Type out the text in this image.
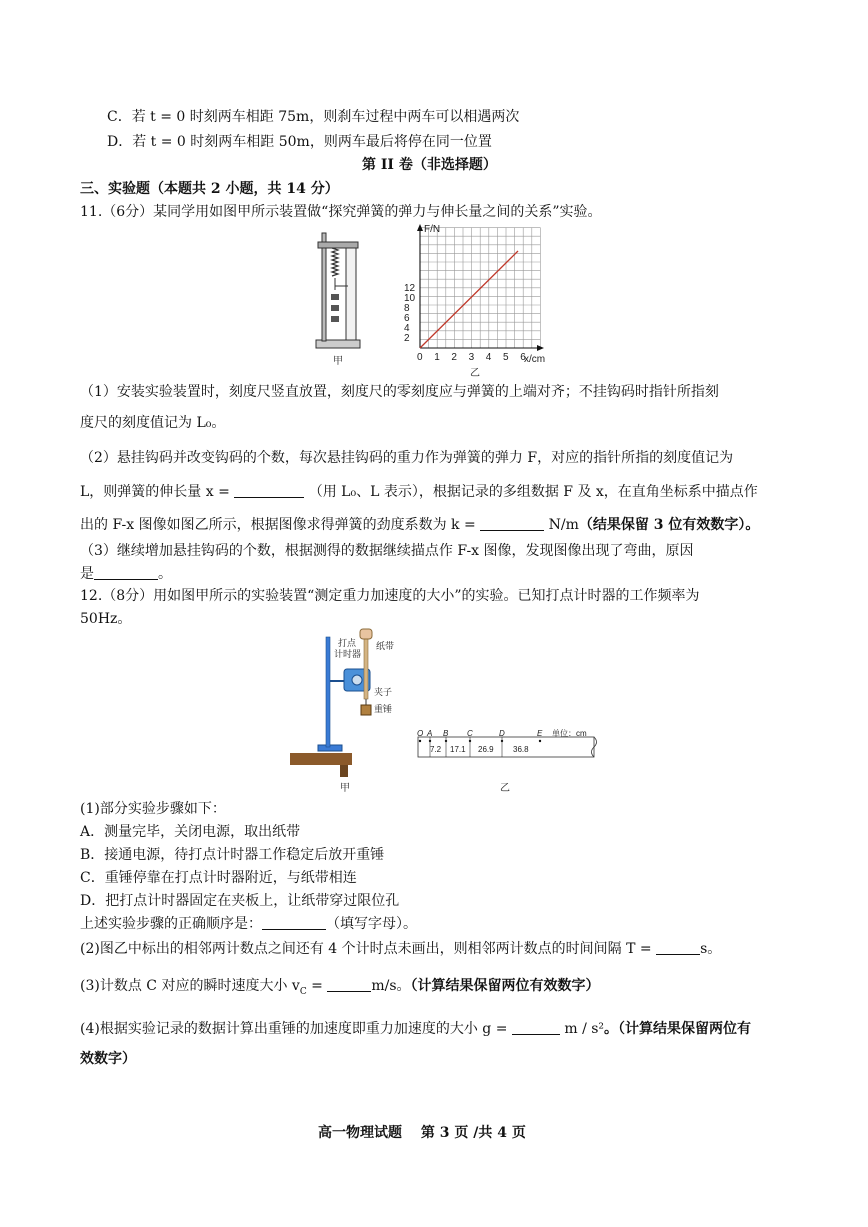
C．若 t = 0 时刻两车相距 75m，则刹车过程中两车可以相遇两次
D．若 t = 0 时刻两车相距 50m，则两车最后将停在同一位置
第 II 卷（非选择题）
三、实验题（本题共 2 小题，共 14 分）
11.（6分）某同学用如图甲所示装置做“探究弹簧的弹力与伸长量之间的关系”实验。
甲
F/N
x/cm
2
4
6
8
10
12
0 1 2 3 4 5 6
乙
（1）安装实验装置时，刻度尺竖直放置，刻度尺的零刻度应与弹簧的上端对齐；不挂钩码时指针所指刻
度尺的刻度值记为 L₀。
（2）悬挂钩码并改变钩码的个数，每次悬挂钩码的重力作为弹簧的弹力 F，对应的指针所指的刻度值记为
L，则弹簧的伸长量 x =	（用 L₀、L 表示），根据记录的多组数据 F 及 x，在直角坐标系中描点作
出的 F-x 图像如图乙所示，根据图像求得弹簧的劲度系数为 k =	N/m（结果保留 3 位有效数字）。
（3）继续增加悬挂钩码的个数，根据测得的数据继续描点作 F-x 图像，发现图像出现了弯曲，原因
是	。
12.（8分）用如图甲所示的实验装置“测定重力加速度的大小”的实验。已知打点计时器的工作频率为
50Hz。
打点
计时器
纸带
夹子
重锤
甲
O A B C	D	E
7.2 17.1 26.9 36.8
单位：cm
乙
(1)部分实验步骤如下：
A．测量完毕，关闭电源，取出纸带
B．接通电源，待打点计时器工作稳定后放开重锤
C．重锤停靠在打点计时器附近，与纸带相连
D．把打点计时器固定在夹板上，让纸带穿过限位孔
上述实验步骤的正确顺序是：	（填写字母）。
(2)图乙中标出的相邻两计数点之间还有 4 个计时点未画出，则相邻两计数点的时间间隔 T =	s。
(3)计数点 C 对应的瞬时速度大小 $v_C$ =	m/s。（计算结果保留两位有效数字）
(4)根据实验记录的数据计算出重锤的加速度即重力加速度的大小 g =	m / s²。（计算结果保留两位有
效数字）
高一物理试题　 第 3 页 /共 4 页
